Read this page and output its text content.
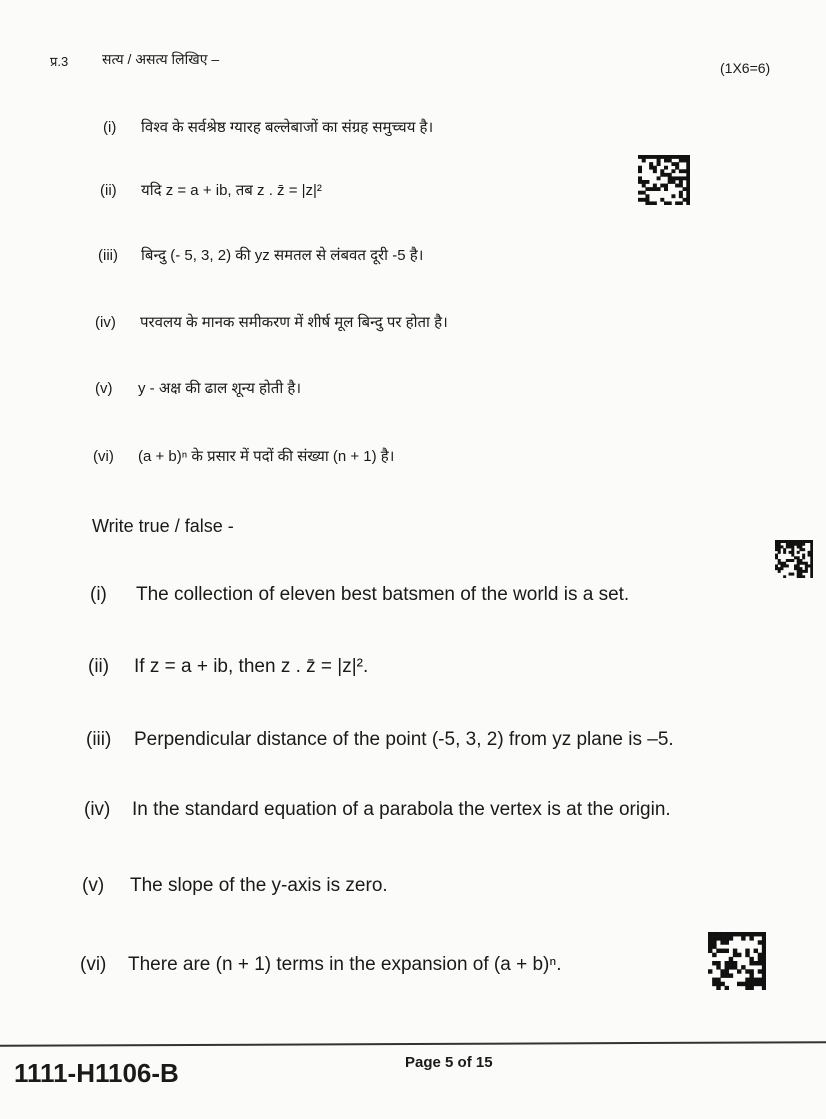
प्र.3 सत्य / असत्य लिखिए –
(1X6=6)
(i) विश्व के सर्वश्रेष्ठ ग्यारह बल्लेबाजों का संग्रह समुच्चय है।
(ii) यदि z = a + ib, तब z . z̄ = |z|²
(iii) बिन्दु (- 5, 3, 2) की yz समतल से लंबवत दूरी -5 है।
(iv) परवलय के मानक समीकरण में शीर्ष मूल बिन्दु पर होता है।
(v) y - अक्ष की ढाल शून्य होती है।
(vi) (a + b)ⁿ के प्रसार में पदों की संख्या (n + 1) है।
Write true / false -
(i) The collection of eleven best batsmen of the world is a set.
(ii) If z = a + ib, then z . z̄ = |z|².
(iii) Perpendicular distance of the point (-5, 3, 2) from yz plane is –5.
(iv) In the standard equation of a parabola the vertex is at the origin.
(v) The slope of the y-axis is zero.
(vi) There are (n + 1) terms in the expansion of (a + b)ⁿ.
1111-H1106-B	Page 5 of 15
